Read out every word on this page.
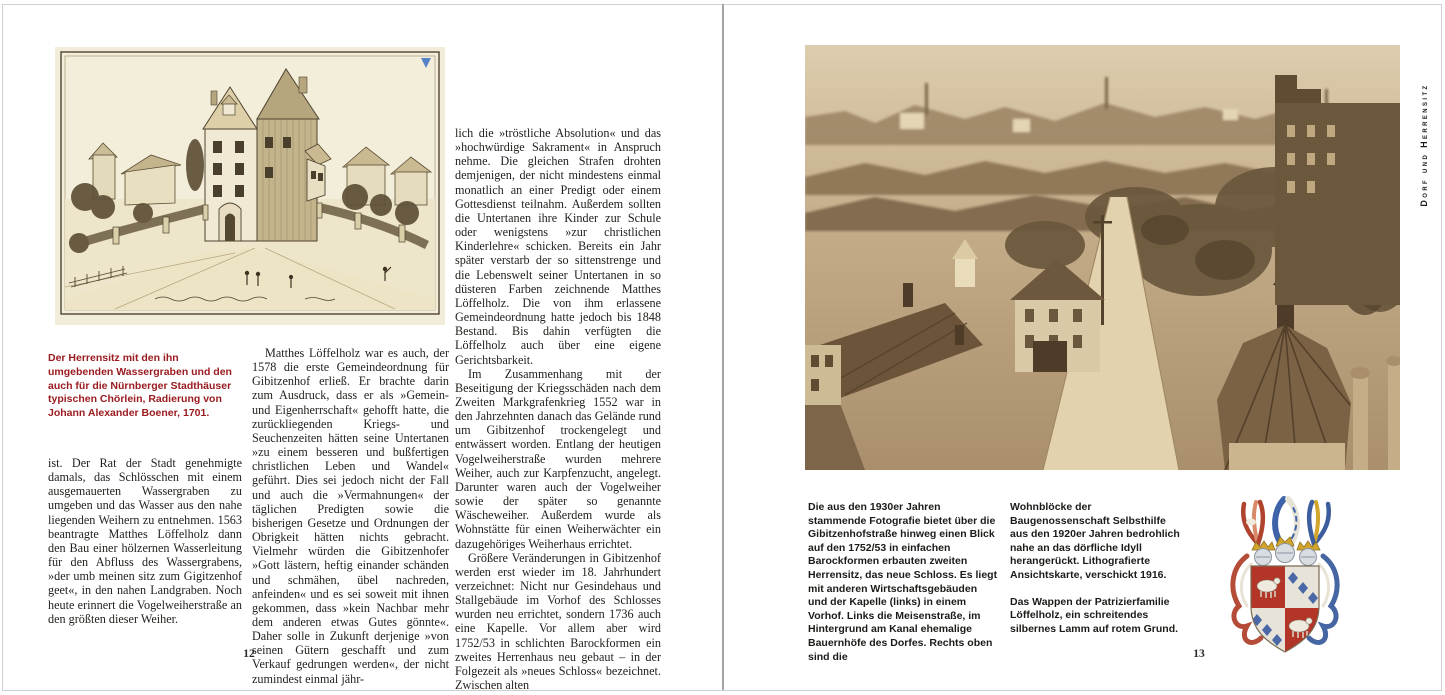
Der Herrensitz mit den ihn umgebenden Wassergraben und den auch für die Nürnberger Stadthäuser typischen Chörlein, Radierung von Johann Alexander Boener, 1701.

ist. Der Rat der Stadt genehmigte damals, das Schlösschen mit einem ausgemauerten Wassergraben zu umgeben und das Wasser aus den nahe liegenden Weihern zu entnehmen. 1563 beantragte Matthes Löffelholz dann den Bau einer hölzernen Wasserleitung für den Abfluss des Wassergrabens, »der umb meinen sitz zum Gigitzenhof geet«, in den nahen Landgraben. Noch heute erinnert die Vogelweiherstraße an den größten dieser Weiher.

Matthes Löffelholz war es auch, der 1578 die erste Gemeindeordnung für Gibitzenhof erließ. Er brachte darin zum Ausdruck, dass er als »Gemein- und Eigenherrschaft« gehofft hatte, die zurückliegenden Kriegs- und Seuchenzeiten hätten seine Untertanen »zu einem besseren und bußfertigen christlichen Leben und Wandel« geführt. Dies sei jedoch nicht der Fall und auch die »Vermahnungen« der täglichen Predigten sowie die bisherigen Gesetze und Ordnungen der Obrigkeit hätten nichts gebracht. Vielmehr würden die Gibitzenhofer »Gott lästern, heftig einander schänden und schmähen, übel nachreden, anfeinden« und es sei soweit mit ihnen gekommen, dass »kein Nachbar mehr dem anderen etwas Gutes gönnte«. Daher solle in Zukunft derjenige »von seinen Gütern geschafft und zum Verkauf gedrungen werden«, der nicht zumindest einmal jähr-

lich die »tröstliche Absolution« und das »hochwürdige Sakrament« in Anspruch nehme. Die gleichen Strafen drohten demjenigen, der nicht mindestens einmal monatlich an einer Predigt oder einem Gottesdienst teilnahm. Außerdem sollten die Untertanen ihre Kinder zur Schule oder wenigstens »zur christlichen Kinderlehre« schicken. Bereits ein Jahr später verstarb der so sittenstrenge und die Lebenswelt seiner Untertanen in so düsteren Farben zeichnende Matthes Löffelholz. Die von ihm erlassene Gemeindeordnung hatte jedoch bis 1848 Bestand. Bis dahin verfügten die Löffelholz auch über eine eigene Gerichtsbarkeit.

Im Zusammenhang mit der Beseitigung der Kriegsschäden nach dem Zweiten Markgrafenkrieg 1552 war in den Jahrzehnten danach das Gelände rund um Gibitzenhof trockengelegt und entwässert worden. Entlang der heutigen Vogelweiherstraße wurden mehrere Weiher, auch zur Karpfenzucht, angelegt. Darunter waren auch der Vogelweiher sowie der später so genannte Wäscheweiher. Außerdem wurde als Wohnstätte für einen Weiherwächter ein dazugehöriges Weiherhaus errichtet.

Größere Veränderungen in Gibitzenhof werden erst wieder im 18. Jahrhundert verzeichnet: Nicht nur Gesindehaus und Stallgebäude im Vorhof des Schlosses wurden neu errichtet, sondern 1736 auch eine Kapelle. Vor allem aber wird 1752/53 in schlichten Barockformen ein zweites Herrenhaus neu gebaut – in der Folgezeit als »neues Schloss« bezeichnet. Zwischen alten

12
Die aus den 1930er Jahren stammende Fotografie bietet über die Gibitzenhofstraße hinweg einen Blick auf den 1752/53 in einfachen Barockformen erbauten zweiten Herrensitz, das neue Schloss. Es liegt mit anderen Wirtschaftsgebäuden und der Kapelle (links) in einem Vorhof. Links die Meisenstraße, im Hintergrund am Kanal ehemalige Bauernhöfe des Dorfes. Rechts oben sind die

Wohnblöcke der Baugenossenschaft Selbsthilfe aus den 1920er Jahren bedrohlich nahe an das dörfliche Idyll herangerückt. Lithografierte Ansichtskarte, verschickt 1916.

Das Wappen der Patrizierfamilie Löffelholz, ein schreitendes silbernes Lamm auf rotem Grund.

Dorf und Herrensitz
13
